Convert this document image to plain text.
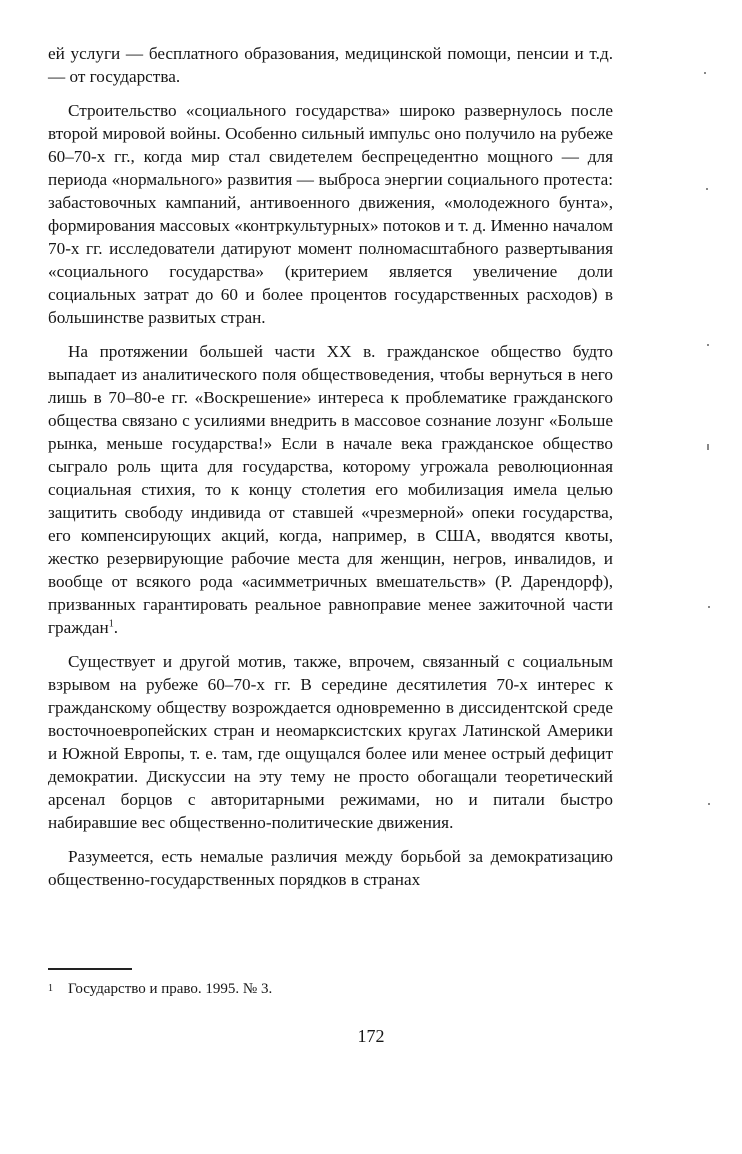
ей услуги — бесплатного образования, медицинской помощи, пенсии и т.д. — от государства.

Строительство «социального государства» широко развернулось после второй мировой войны. Особенно сильный импульс оно получило на рубеже 60–70-х гг., когда мир стал свидетелем беспрецедентно мощного — для периода «нормального» развития — выброса энергии социального протеста: забастовочных кампаний, антивоенного движения, «молодежного бунта», формирования массовых «контркультурных» потоков и т. д. Именно началом 70-х гг. исследователи датируют момент полномасштабного развертывания «социального государства» (критерием является увеличение доли социальных затрат до 60 и более процентов государственных расходов) в большинстве развитых стран.

На протяжении большей части XX в. гражданское общество будто выпадает из аналитического поля обществоведения, чтобы вернуться в него лишь в 70–80-е гг. «Воскрешение» интереса к проблематике гражданского общества связано с усилиями внедрить в массовое сознание лозунг «Больше рынка, меньше государства!» Если в начале века гражданское общество сыграло роль щита для государства, которому угрожала революционная социальная стихия, то к концу столетия его мобилизация имела целью защитить свободу индивида от ставшей «чрезмерной» опеки государства, его компенсирующих акций, когда, например, в США, вводятся квоты, жестко резервирующие рабочие места для женщин, негров, инвалидов, и вообще от всякого рода «асимметричных вмешательств» (Р. Дарендорф), призванных гарантировать реальное равноправие менее зажиточной части граждан$^1$.

Существует и другой мотив, также, впрочем, связанный с социальным взрывом на рубеже 60–70-х гг. В середине десятилетия 70-х интерес к гражданскому обществу возрождается одновременно в диссидентской среде восточноевропейских стран и неомарксистских кругах Латинской Америки и Южной Европы, т. е. там, где ощущался более или менее острый дефицит демократии. Дискуссии на эту тему не просто обогащали теоретический арсенал борцов с авторитарными режимами, но и питали быстро набиравшие вес общественно-политические движения.

Разумеется, есть немалые различия между борьбой за демократизацию общественно-государственных порядков в странах

1 Государство и право. 1995. № 3.
172
